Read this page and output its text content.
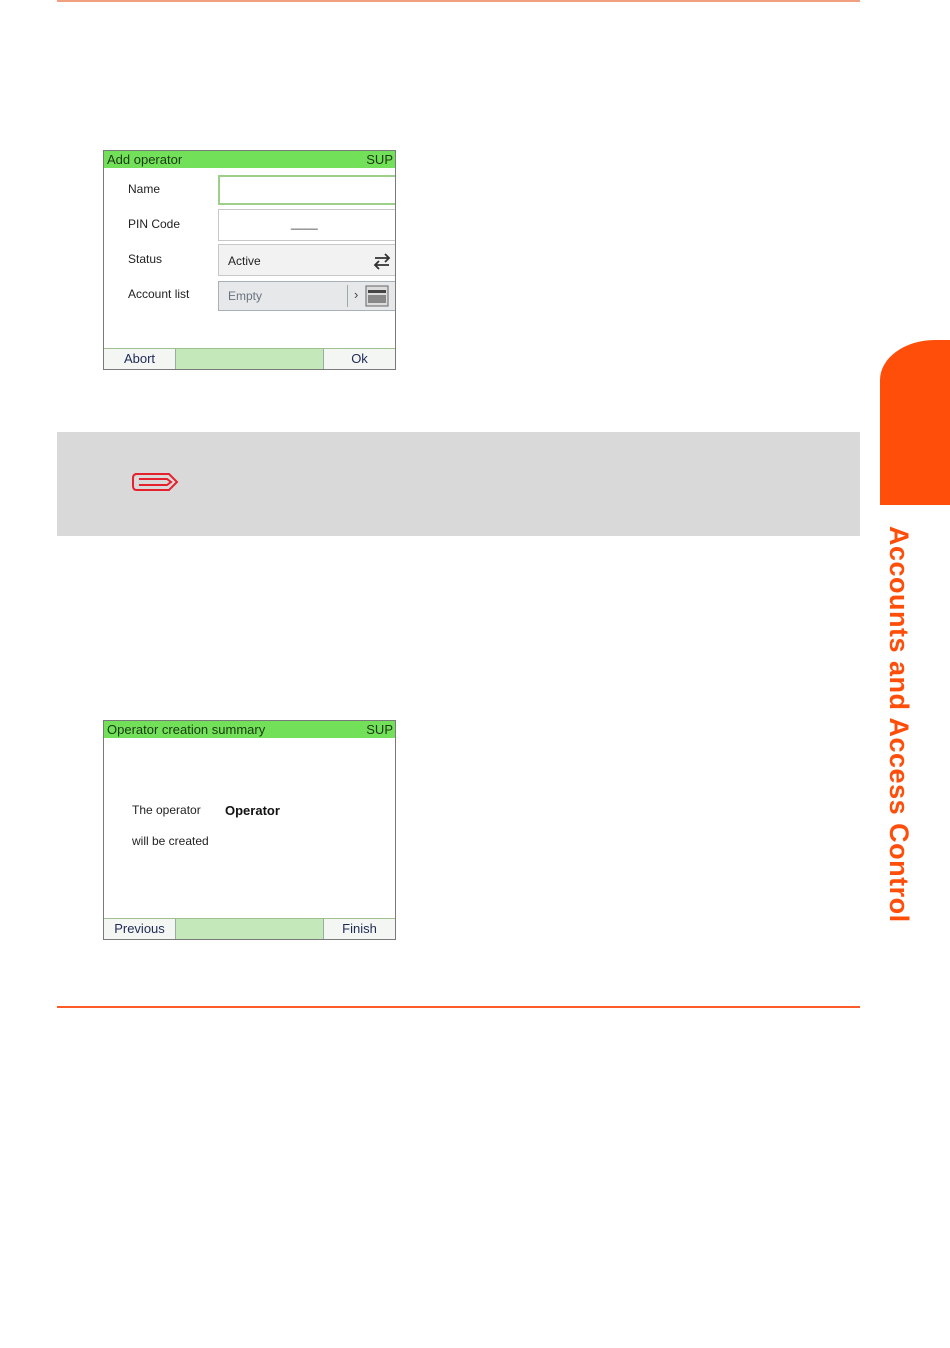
Add operator	SUP
Name
PIN Code	____
Status	Active
Account list	Empty	›
Abort	Ok
Operator creation summary	SUP
The operator Operator
will be created
Previous	Finish
Accounts and Access Control
